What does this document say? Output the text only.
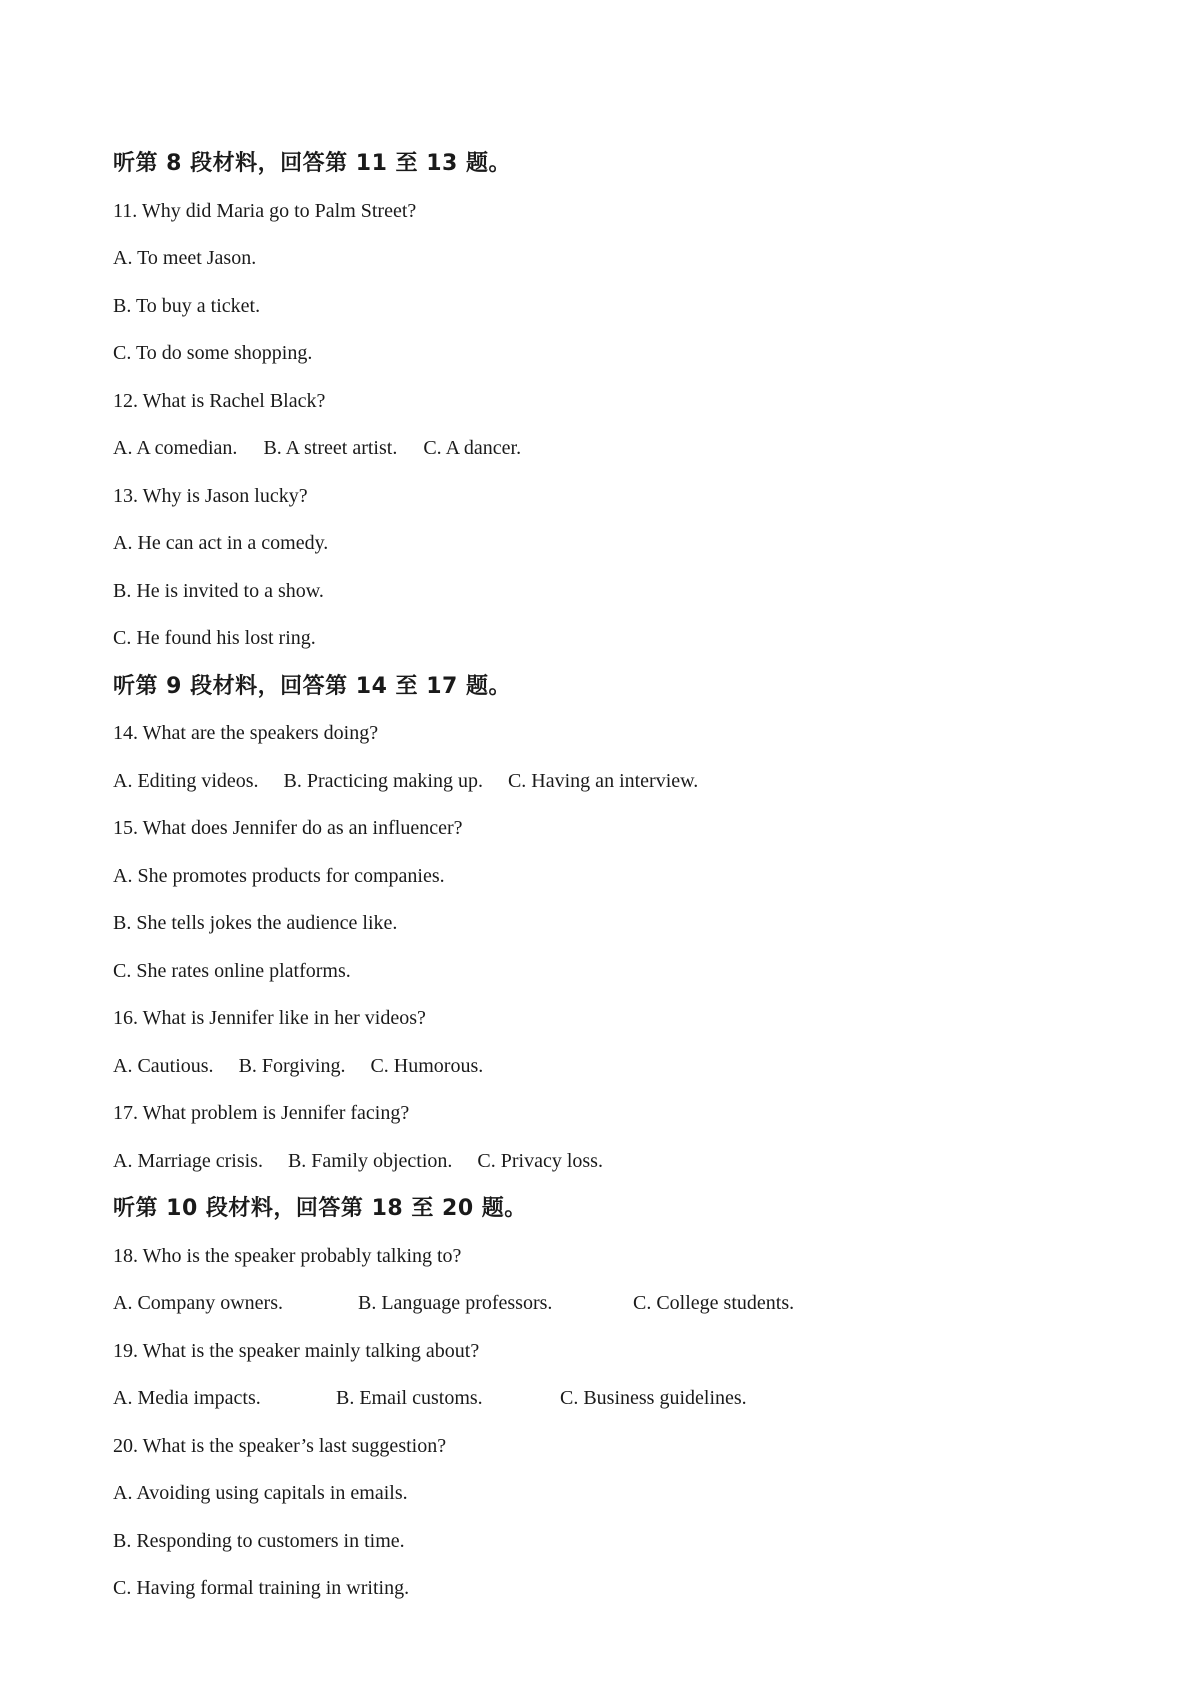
听第 8 段材料，回答第 11 至 13 题。
11. Why did Maria go to Palm Street?
A. To meet Jason.
B. To buy a ticket.
C. To do some shopping.
12. What is Rachel Black?
A. A comedian. B. A street artist. C. A dancer.
13. Why is Jason lucky?
A. He can act in a comedy.
B. He is invited to a show.
C. He found his lost ring.
听第 9 段材料，回答第 14 至 17 题。
14. What are the speakers doing?
A. Editing videos. B. Practicing making up. C. Having an interview.
15. What does Jennifer do as an influencer?
A. She promotes products for companies.
B. She tells jokes the audience like.
C. She rates online platforms.
16. What is Jennifer like in her videos?
A. Cautious. B. Forgiving. C. Humorous.
17. What problem is Jennifer facing?
A. Marriage crisis. B. Family objection. C. Privacy loss.
听第 10 段材料，回答第 18 至 20 题。
18. Who is the speaker probably talking to?
A. Company owners.	B. Language professors.	C. College students.
19. What is the speaker mainly talking about?
A. Media impacts.	B. Email customs.	C. Business guidelines.
20. What is the speaker’s last suggestion?
A. Avoiding using capitals in emails.
B. Responding to customers in time.
C. Having formal training in writing.
